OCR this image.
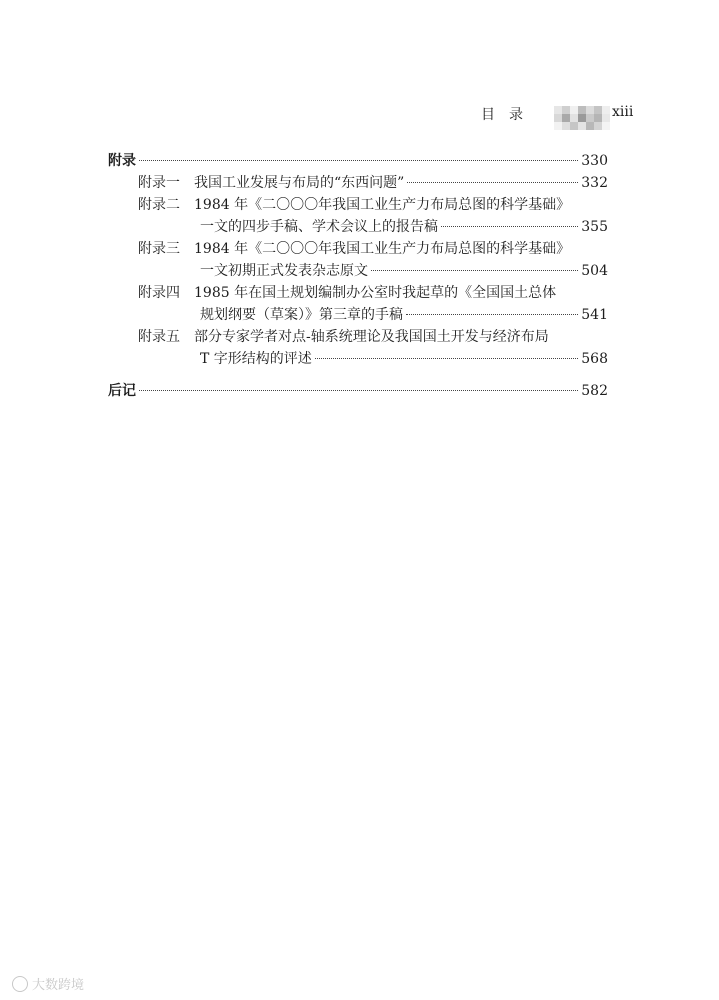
目录	xiii
附录	330
附录一 我国工业发展与布局的“东西问题”	332
附录二 1984 年《二〇〇〇年我国工业生产力布局总图的科学基础》
一文的四步手稿、学术会议上的报告稿	355
附录三 1984 年《二〇〇〇年我国工业生产力布局总图的科学基础》
一文初期正式发表杂志原文	504
附录四 1985 年在国土规划编制办公室时我起草的《全国国土总体
规划纲要（草案）》第三章的手稿	541
附录五 部分专家学者对点-轴系统理论及我国国土开发与经济布局
T 字形结构的评述	568
后记	582
大数跨境
